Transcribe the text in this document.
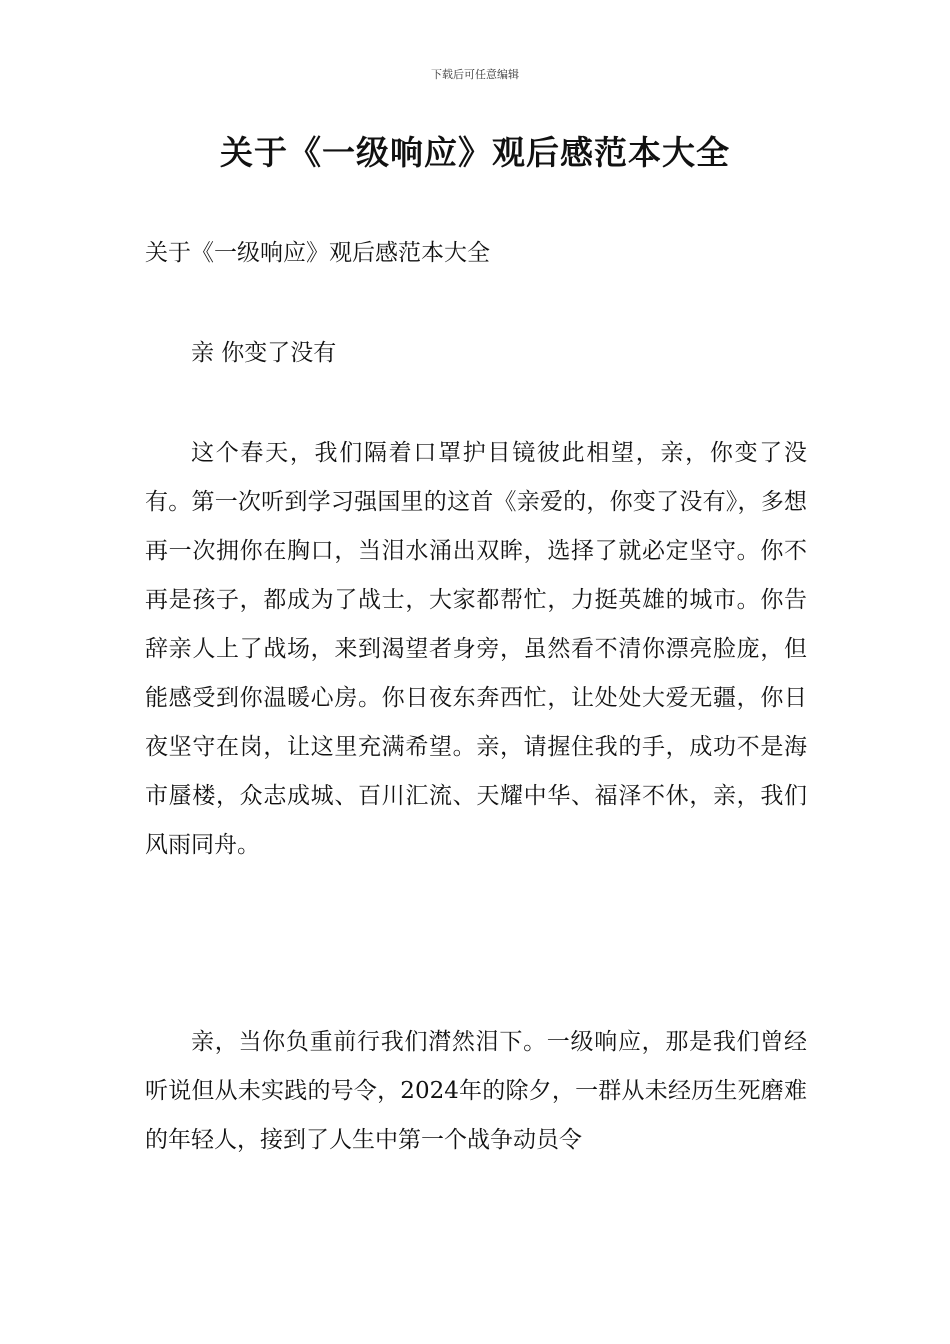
下载后可任意编辑
关于《一级响应》观后感范本大全

关于《一级响应》观后感范本大全

亲 你变了没有

这个春天，我们隔着口罩护目镜彼此相望，亲，你变了没有。第一次听到学习强国里的这首《亲爱的，你变了没有》，多想再一次拥你在胸口，当泪水涌出双眸，选择了就必定坚守。你不再是孩子，都成为了战士，大家都帮忙，力挺英雄的城市。你告辞亲人上了战场，来到渴望者身旁，虽然看不清你漂亮脸庞，但能感受到你温暖心房。你日夜东奔西忙，让处处大爱无疆，你日夜坚守在岗，让这里充满希望。亲，请握住我的手，成功不是海市蜃楼，众志成城、百川汇流、天耀中华、福泽不休，亲，我们风雨同舟。

亲，当你负重前行我们潸然泪下。一级响应，那是我们曾经听说但从未实践的号令，2024年的除夕，一群从未经历生死磨难的年轻人，接到了人生中第一个战争动员令
